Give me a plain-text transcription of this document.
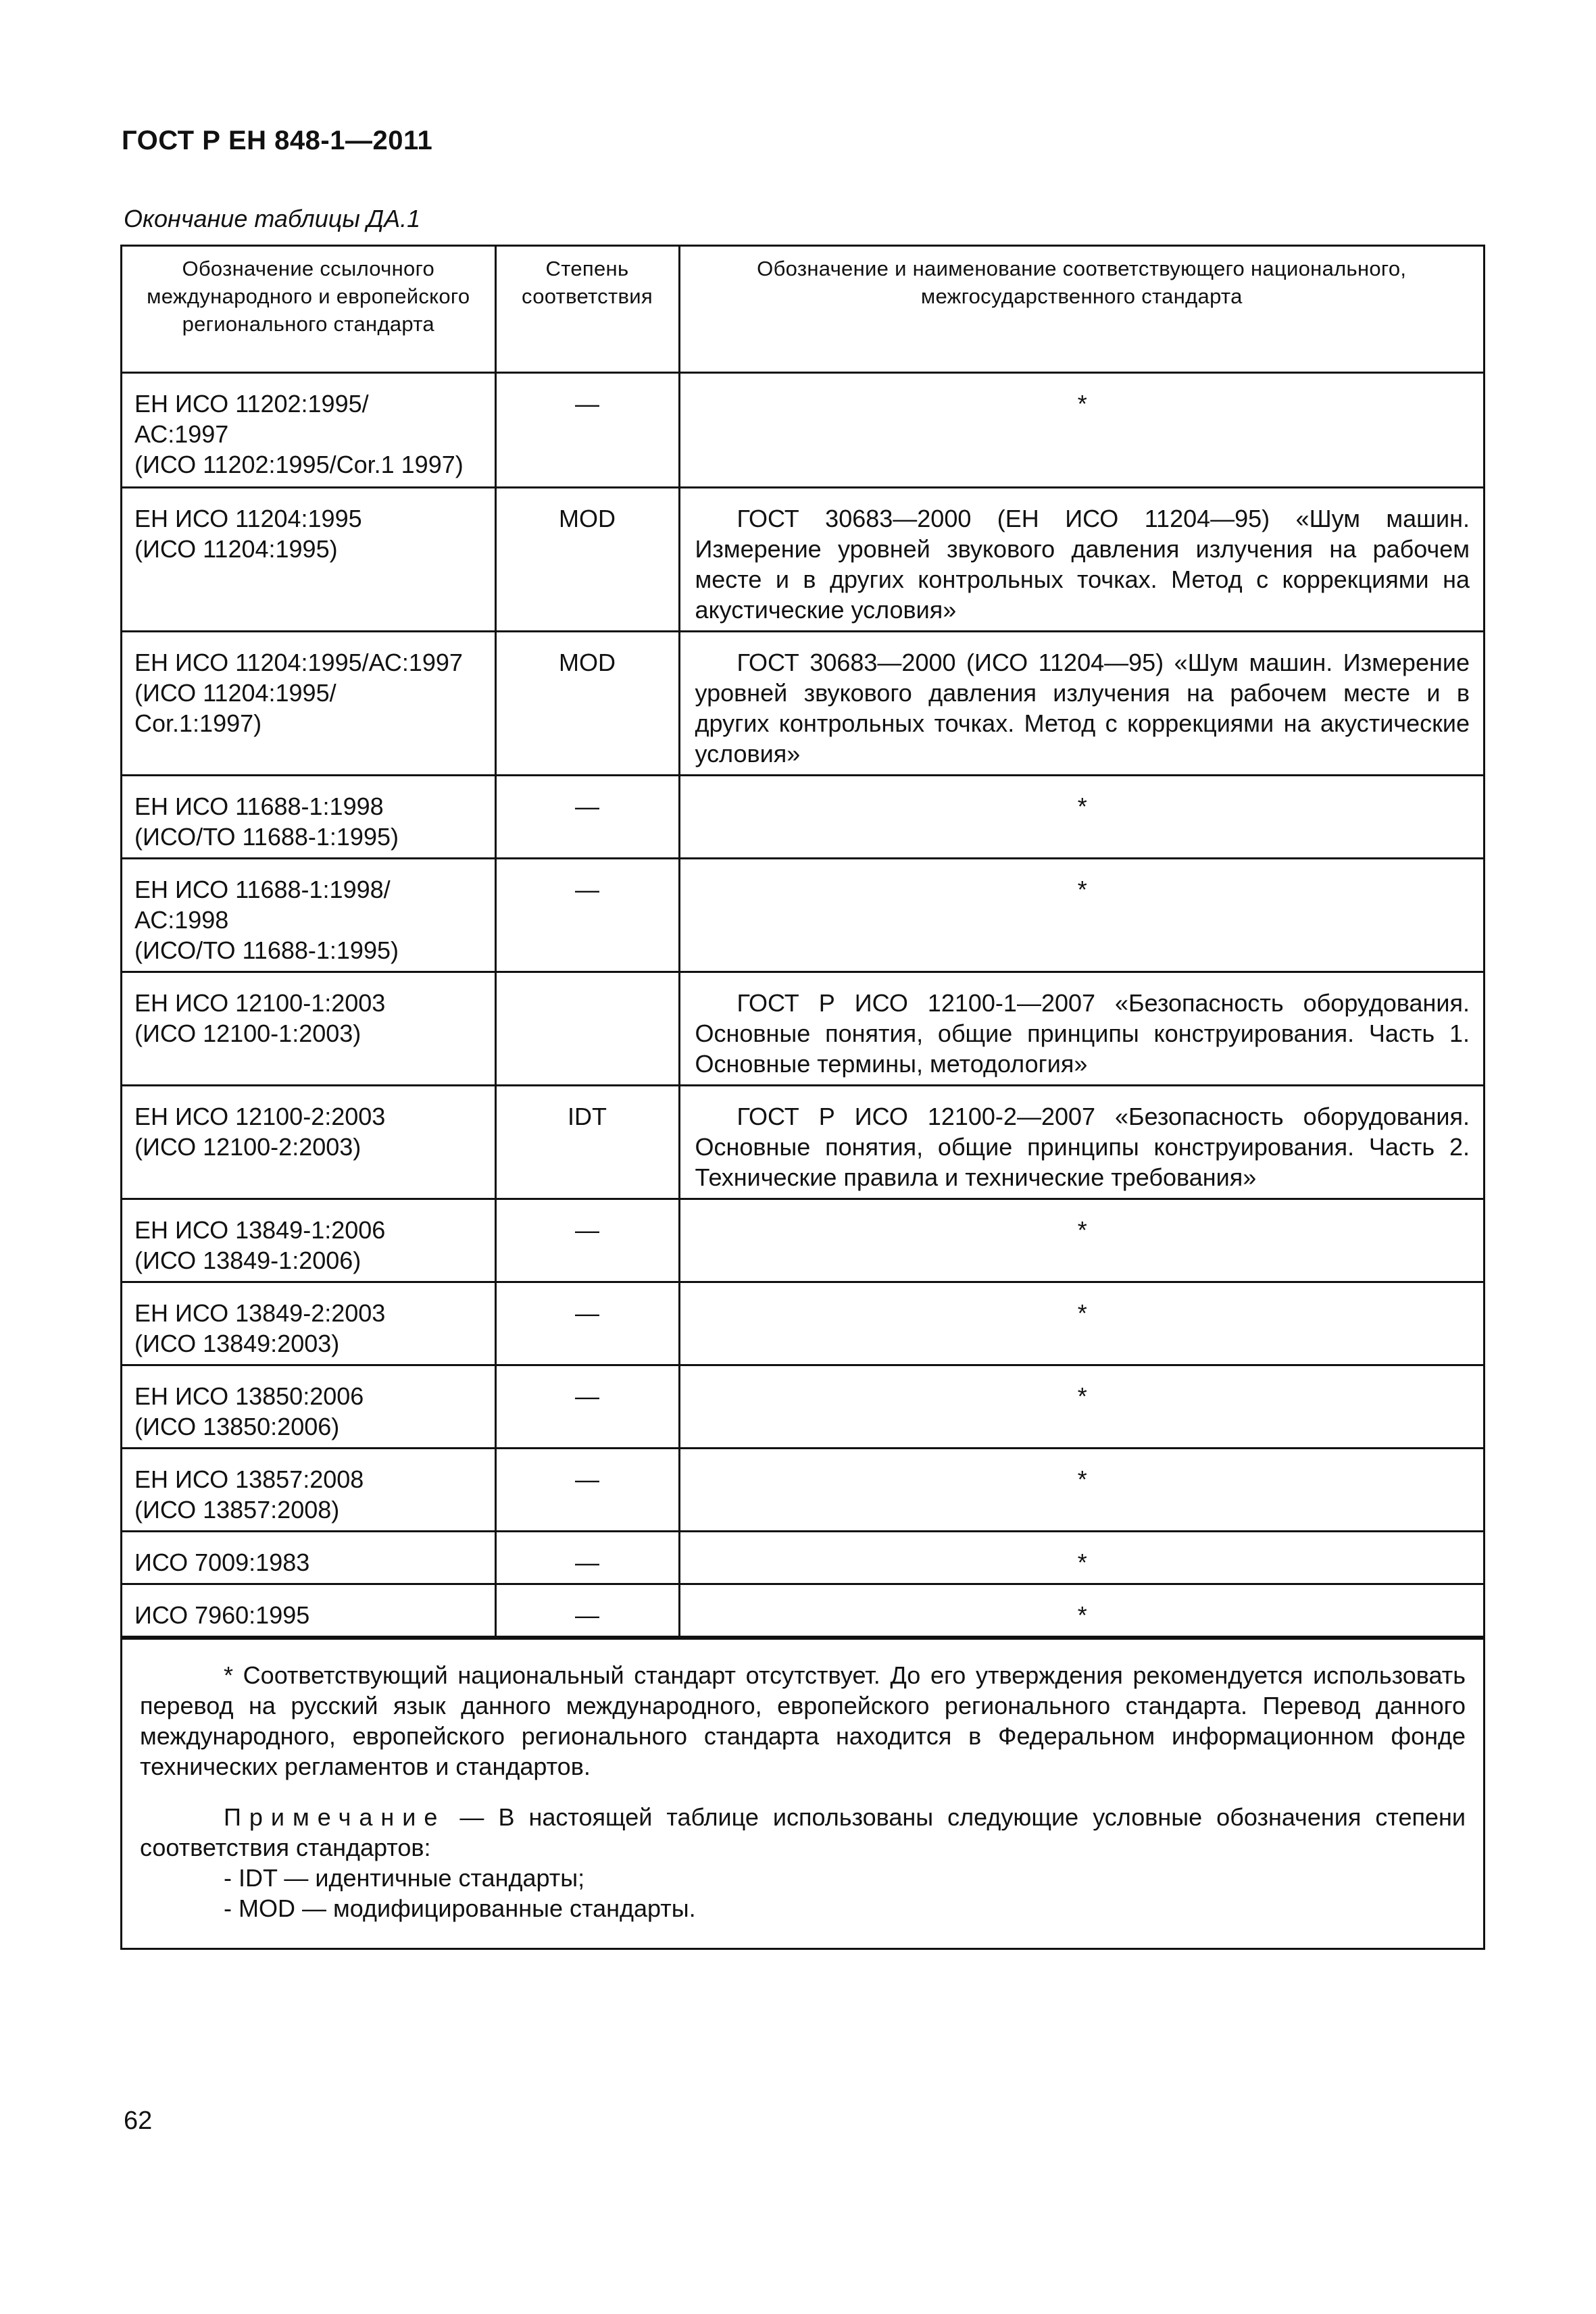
ГОСТ Р ЕН 848-1—2011
Окончание таблицы ДА.1
Обозначение ссылочного международного и европейского регионального стандарта	Степень соответствия	Обозначение и наименование соответствующего национального, межгосударственного стандарта

ЕН ИСО 11202:1995/
АС:1997
(ИСО 11202:1995/Cor.1 1997)	—	*

ЕН ИСО 11204:1995
(ИСО 11204:1995)	MOD	ГОСТ 30683—2000 (ЕН ИСО 11204—95) «Шум машин. Измерение уровней звукового давления излучения на рабочем месте и в других контрольных точках. Метод с коррекциями на акустические условия»

ЕН ИСО 11204:1995/АС:1997
(ИСО 11204:1995/
Cor.1:1997)	MOD	ГОСТ 30683—2000 (ИСО 11204—95) «Шум машин. Измерение уровней звукового давления излучения на рабочем месте и в других контрольных точках. Метод с коррекциями на акустические условия»

ЕН ИСО 11688-1:1998
(ИСО/ТО 11688-1:1995)	—	*

ЕН ИСО 11688-1:1998/
АС:1998
(ИСО/ТО 11688-1:1995)	—	*

ЕН ИСО 12100-1:2003
(ИСО 12100-1:2003)		ГОСТ Р ИСО 12100-1—2007 «Безопасность оборудования. Основные понятия, общие принципы конструирования. Часть 1. Основные термины, методология»

ЕН ИСО 12100-2:2003
(ИСО 12100-2:2003)	IDT	ГОСТ Р ИСО 12100-2—2007 «Безопасность оборудования. Основные понятия, общие принципы конструирования. Часть 2. Технические правила и технические требования»

ЕН ИСО 13849-1:2006
(ИСО 13849-1:2006)	—	*

ЕН ИСО 13849-2:2003
(ИСО 13849:2003)	—	*

ЕН ИСО 13850:2006
(ИСО 13850:2006)	—	*

ЕН ИСО 13857:2008
(ИСО 13857:2008)	—	*

ИСО 7009:1983	—	*

ИСО 7960:1995	—	*

* Соответствующий национальный стандарт отсутствует. До его утверждения рекомендуется использовать перевод на русский язык данного международного, европейского регионального стандарта. Перевод данного международного, европейского регионального стандарта находится в Федеральном информационном фонде технических регламентов и стандартов.

Примечание — В настоящей таблице использованы следующие условные обозначения степени соответствия стандартов:

- IDT — идентичные стандарты;

- MOD — модифицированные стандарты.

62
